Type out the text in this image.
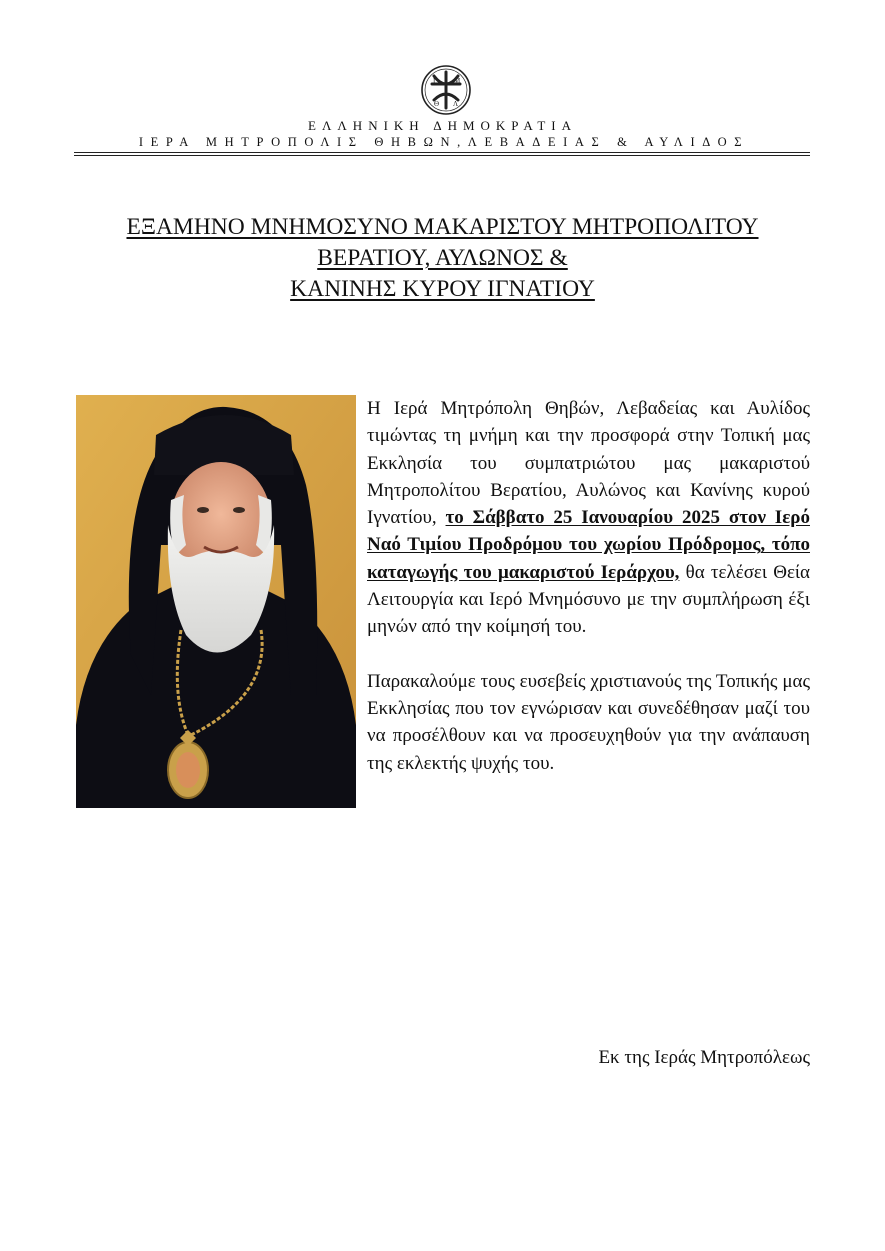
Μ
Ι
Θ Λ
ΕΛΛΗΝΙΚΗ ΔΗΜΟΚΡΑΤΙΑ
ΙΕΡΑ ΜΗΤΡΟΠΟΛΙΣ ΘΗΒΩΝ,ΛΕΒΑΔΕΙΑΣ & ΑΥΛΙΔΟΣ
ΕΞΑΜΗΝΟ ΜΝΗΜΟΣΥΝΟ ΜΑΚΑΡΙΣΤΟΥ ΜΗΤΡΟΠΟΛΙΤΟΥ
ΒΕΡΑΤΙΟΥ, ΑΥΛΩΝΟΣ &
ΚΑΝΙΝΗΣ ΚΥΡΟΥ ΙΓΝΑΤΙΟΥ

Η Ιερά Μητρόπολη Θηβών, Λεβαδείας και Αυλίδος τιμώντας τη μνήμη και την προσφορά στην Τοπική μας Εκκλησία του συμπατριώτου μας μακαριστού Μητροπολίτου Βερατίου, Αυλώνος και Κανίνης κυρού Ιγνατίου, το Σάββατο 25 Ιανουαρίου 2025 στον Ιερό Ναό Τιμίου Προδρόμου του χωρίου Πρόδρομος, τόπο καταγωγής του μακαριστού Ιεράρχου, θα τελέσει Θεία Λειτουργία και Ιερό Μνημόσυνο με την συμπλήρωση έξι μηνών από την κοίμησή του.

Παρακαλούμε τους ευσεβείς χριστιανούς της Τοπικής μας Εκκλησίας που τον εγνώρισαν και συνεδέθησαν μαζί του να προσέλθουν και να προσευχηθούν για την ανάπαυση της εκλεκτής ψυχής του.

Εκ της Ιεράς Μητροπόλεως
